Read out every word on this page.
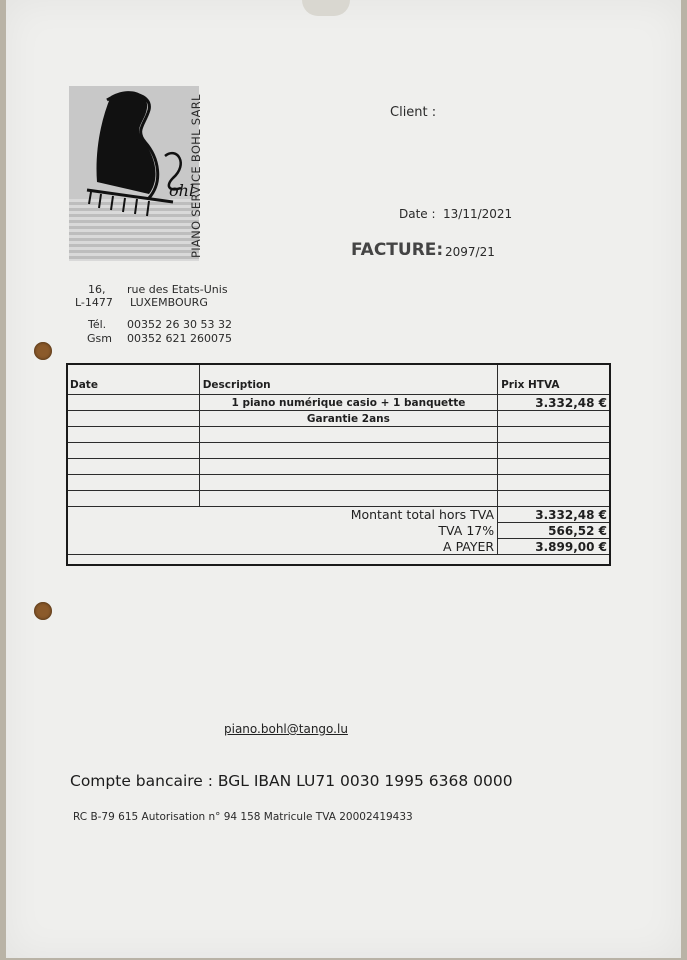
ohl
PIANO SERVICE BOHL SARL	Client :
Date : 13/11/2021
FACTURE: 2097/21
16, rue des Etats-Unis
L-1477 LUXEMBOURG
Tél. 00352 26 30 53 32
Gsm 00352 621 260075
Date	Description	Prix HTVA
	1 piano numérique casio + 1 banquette	3.332,48 €
	Garantie 2ans	

Montant total hors TVA		3.332,48 €
TVA 17%		566,52 €
A PAYER		3.899,00 €
piano.bohl@tango.lu
Compte bancaire : BGL IBAN LU71 0030 1995 6368 0000
RC B-79 615 Autorisation n° 94 158 Matricule TVA 20002419433
